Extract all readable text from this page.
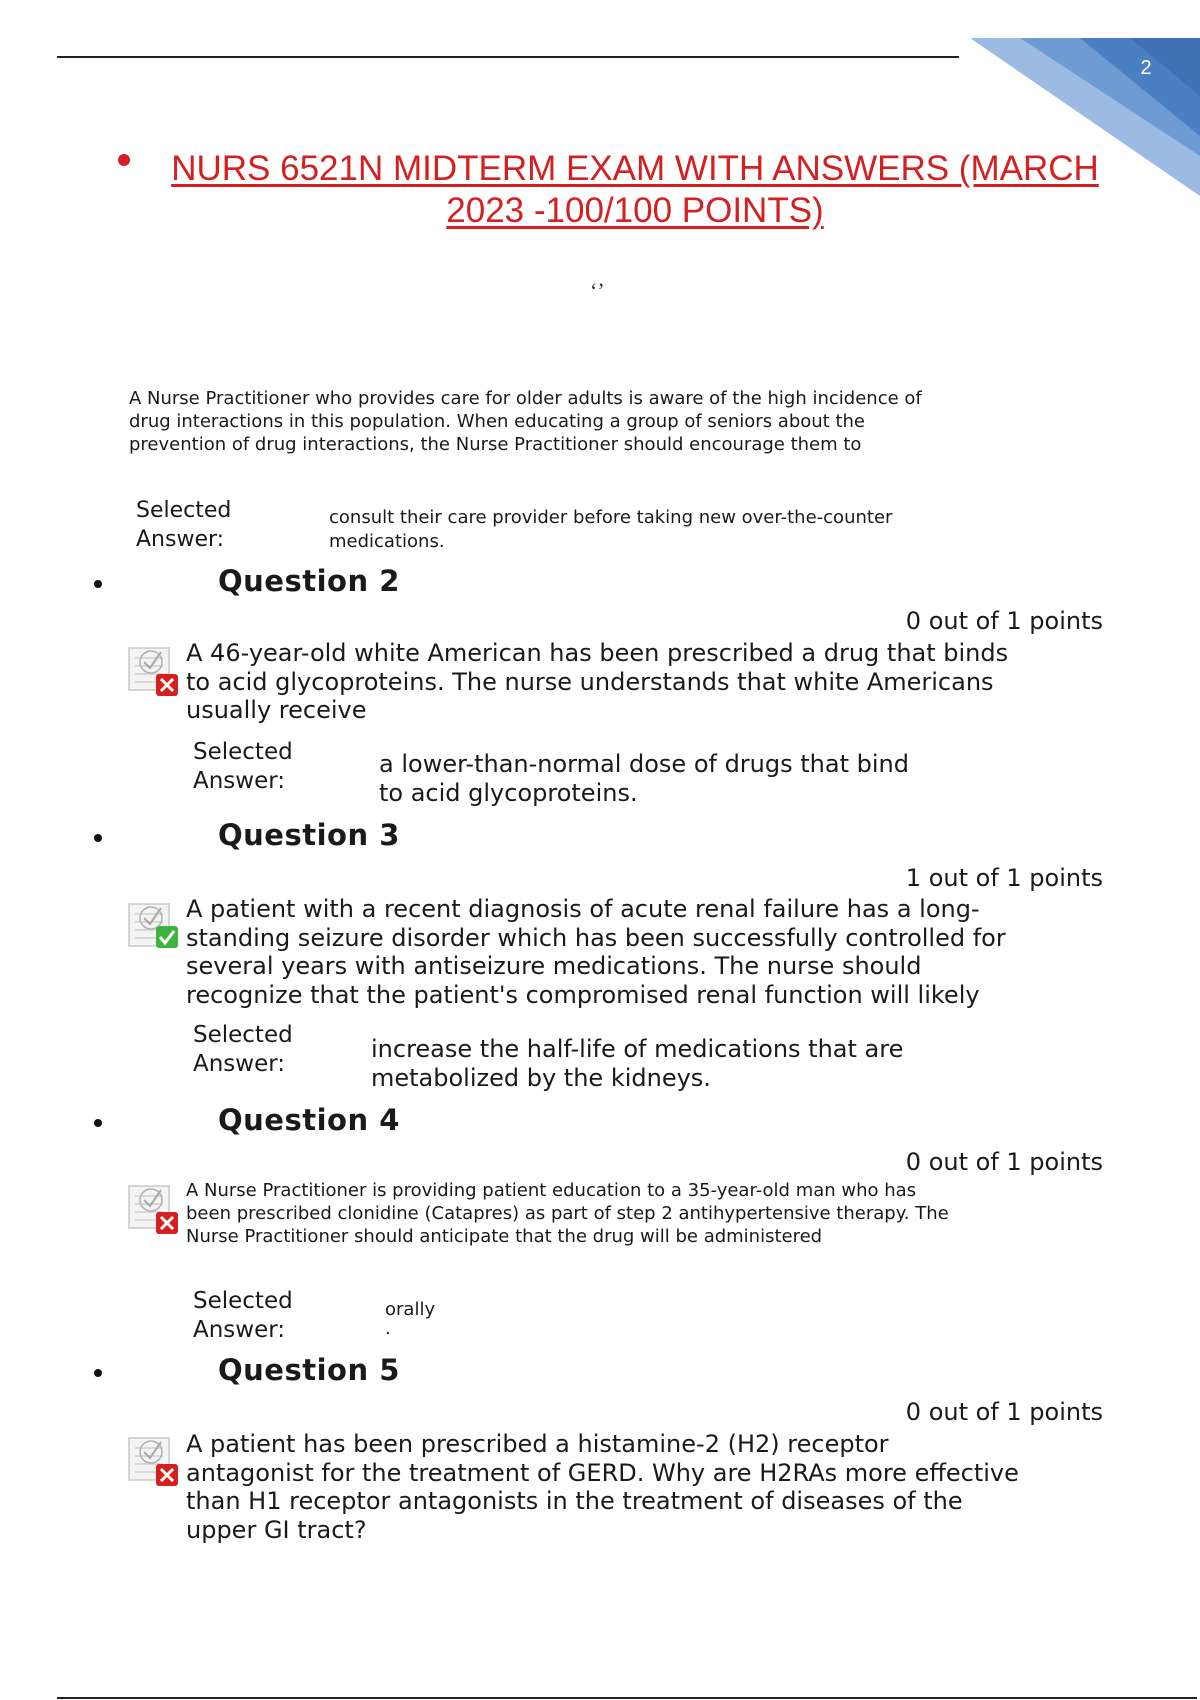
2
NURS 6521N MIDTERM EXAM WITH ANSWERS (MARCH
2023 -100/100 POINTS)
‘’
A Nurse Practitioner who provides care for older adults is aware of the high incidence of
drug interactions in this population. When educating a group of seniors about the
prevention of drug interactions, the Nurse Practitioner should encourage them to
Selected
Answer:
consult their care provider before taking new over-the-counter
medications.
Question 2
0 out of 1 points
A 46-year-old white American has been prescribed a drug that binds
to acid glycoproteins. The nurse understands that white Americans
usually receive
Selected
Answer:
a lower-than-normal dose of drugs that bind
to acid glycoproteins.
Question 3
1 out of 1 points
A patient with a recent diagnosis of acute renal failure has a long-
standing seizure disorder which has been successfully controlled for
several years with antiseizure medications. The nurse should
recognize that the patient's compromised renal function will likely
Selected
Answer:
increase the half-life of medications that are
metabolized by the kidneys.
Question 4
0 out of 1 points
A Nurse Practitioner is providing patient education to a 35-year-old man who has
been prescribed clonidine (Catapres) as part of step 2 antihypertensive therapy. The
Nurse Practitioner should anticipate that the drug will be administered
Selected
Answer:
orally
.
Question 5
0 out of 1 points
A patient has been prescribed a histamine-2 (H2) receptor
antagonist for the treatment of GERD. Why are H2RAs more effective
than H1 receptor antagonists in the treatment of diseases of the
upper GI tract?
